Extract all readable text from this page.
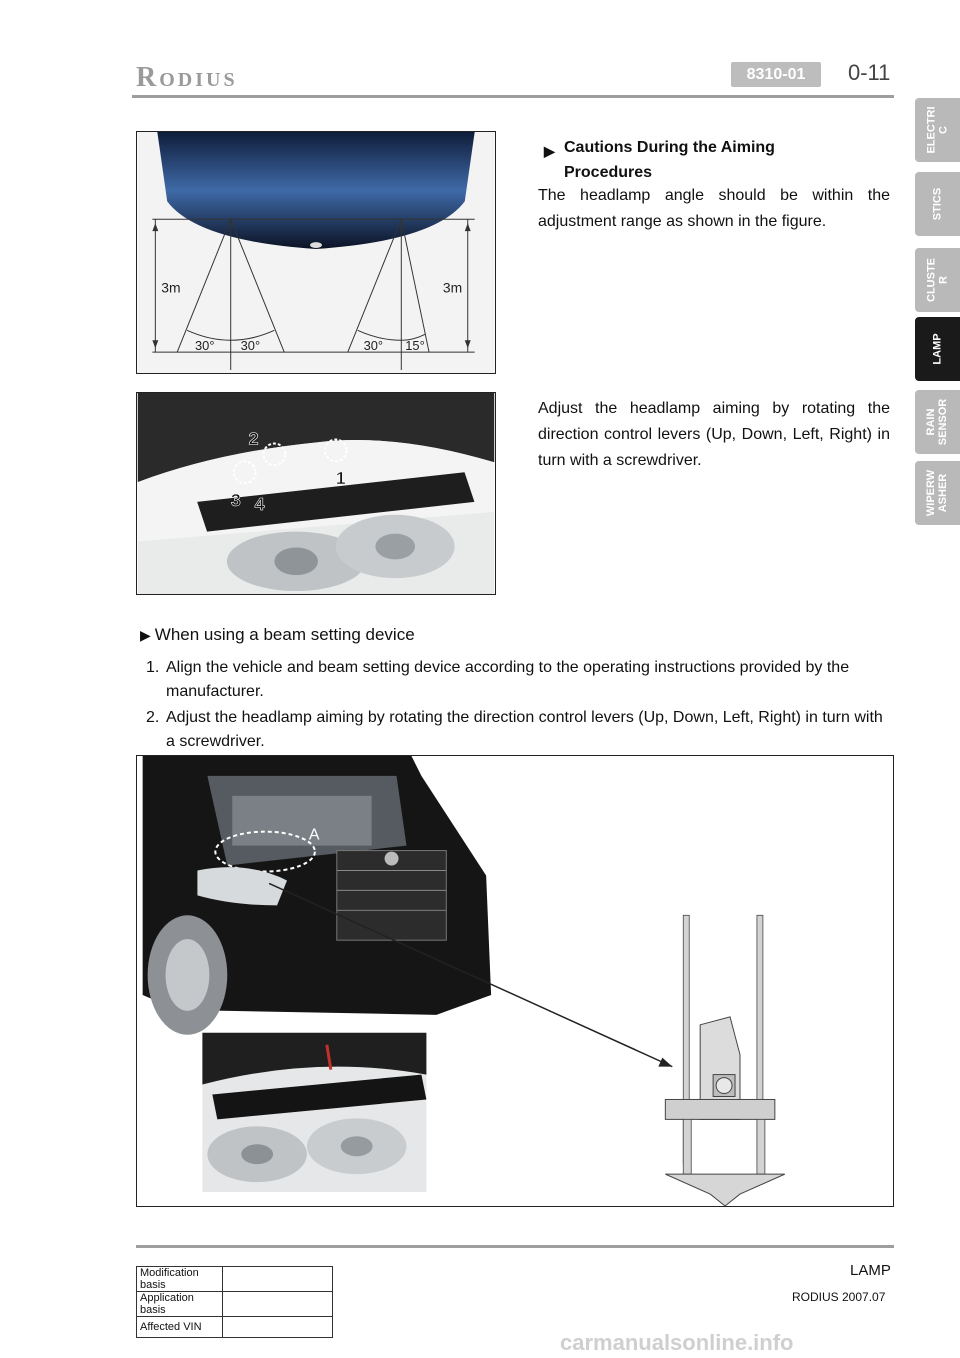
Rodius	8310-01	0-11
ELECTRI
C
STICS
CLUSTE
R
LAMP
RAIN
SENSOR
WIPERW
ASHER
3m	3m
30° 30°	30° 15°
2
1
3 4
▶ Cautions During the Aiming Procedures
The headlamp angle should be within the adjustment range as shown in the figure.
Adjust the headlamp aiming by rotating the direction control levers (Up, Down, Left, Right) in turn with a screwdriver.
▶ When using a beam setting device
1. Align the vehicle and beam setting device according to the operating instructions provided by the manufacturer.
2. Adjust the headlamp aiming by rotating the direction control levers (Up, Down, Left, Right) in turn with a screwdriver.
A
LAMP
RODIUS 2007.07
Modification basis	
Application basis	
Affected VIN	
carmanualsonline.info
